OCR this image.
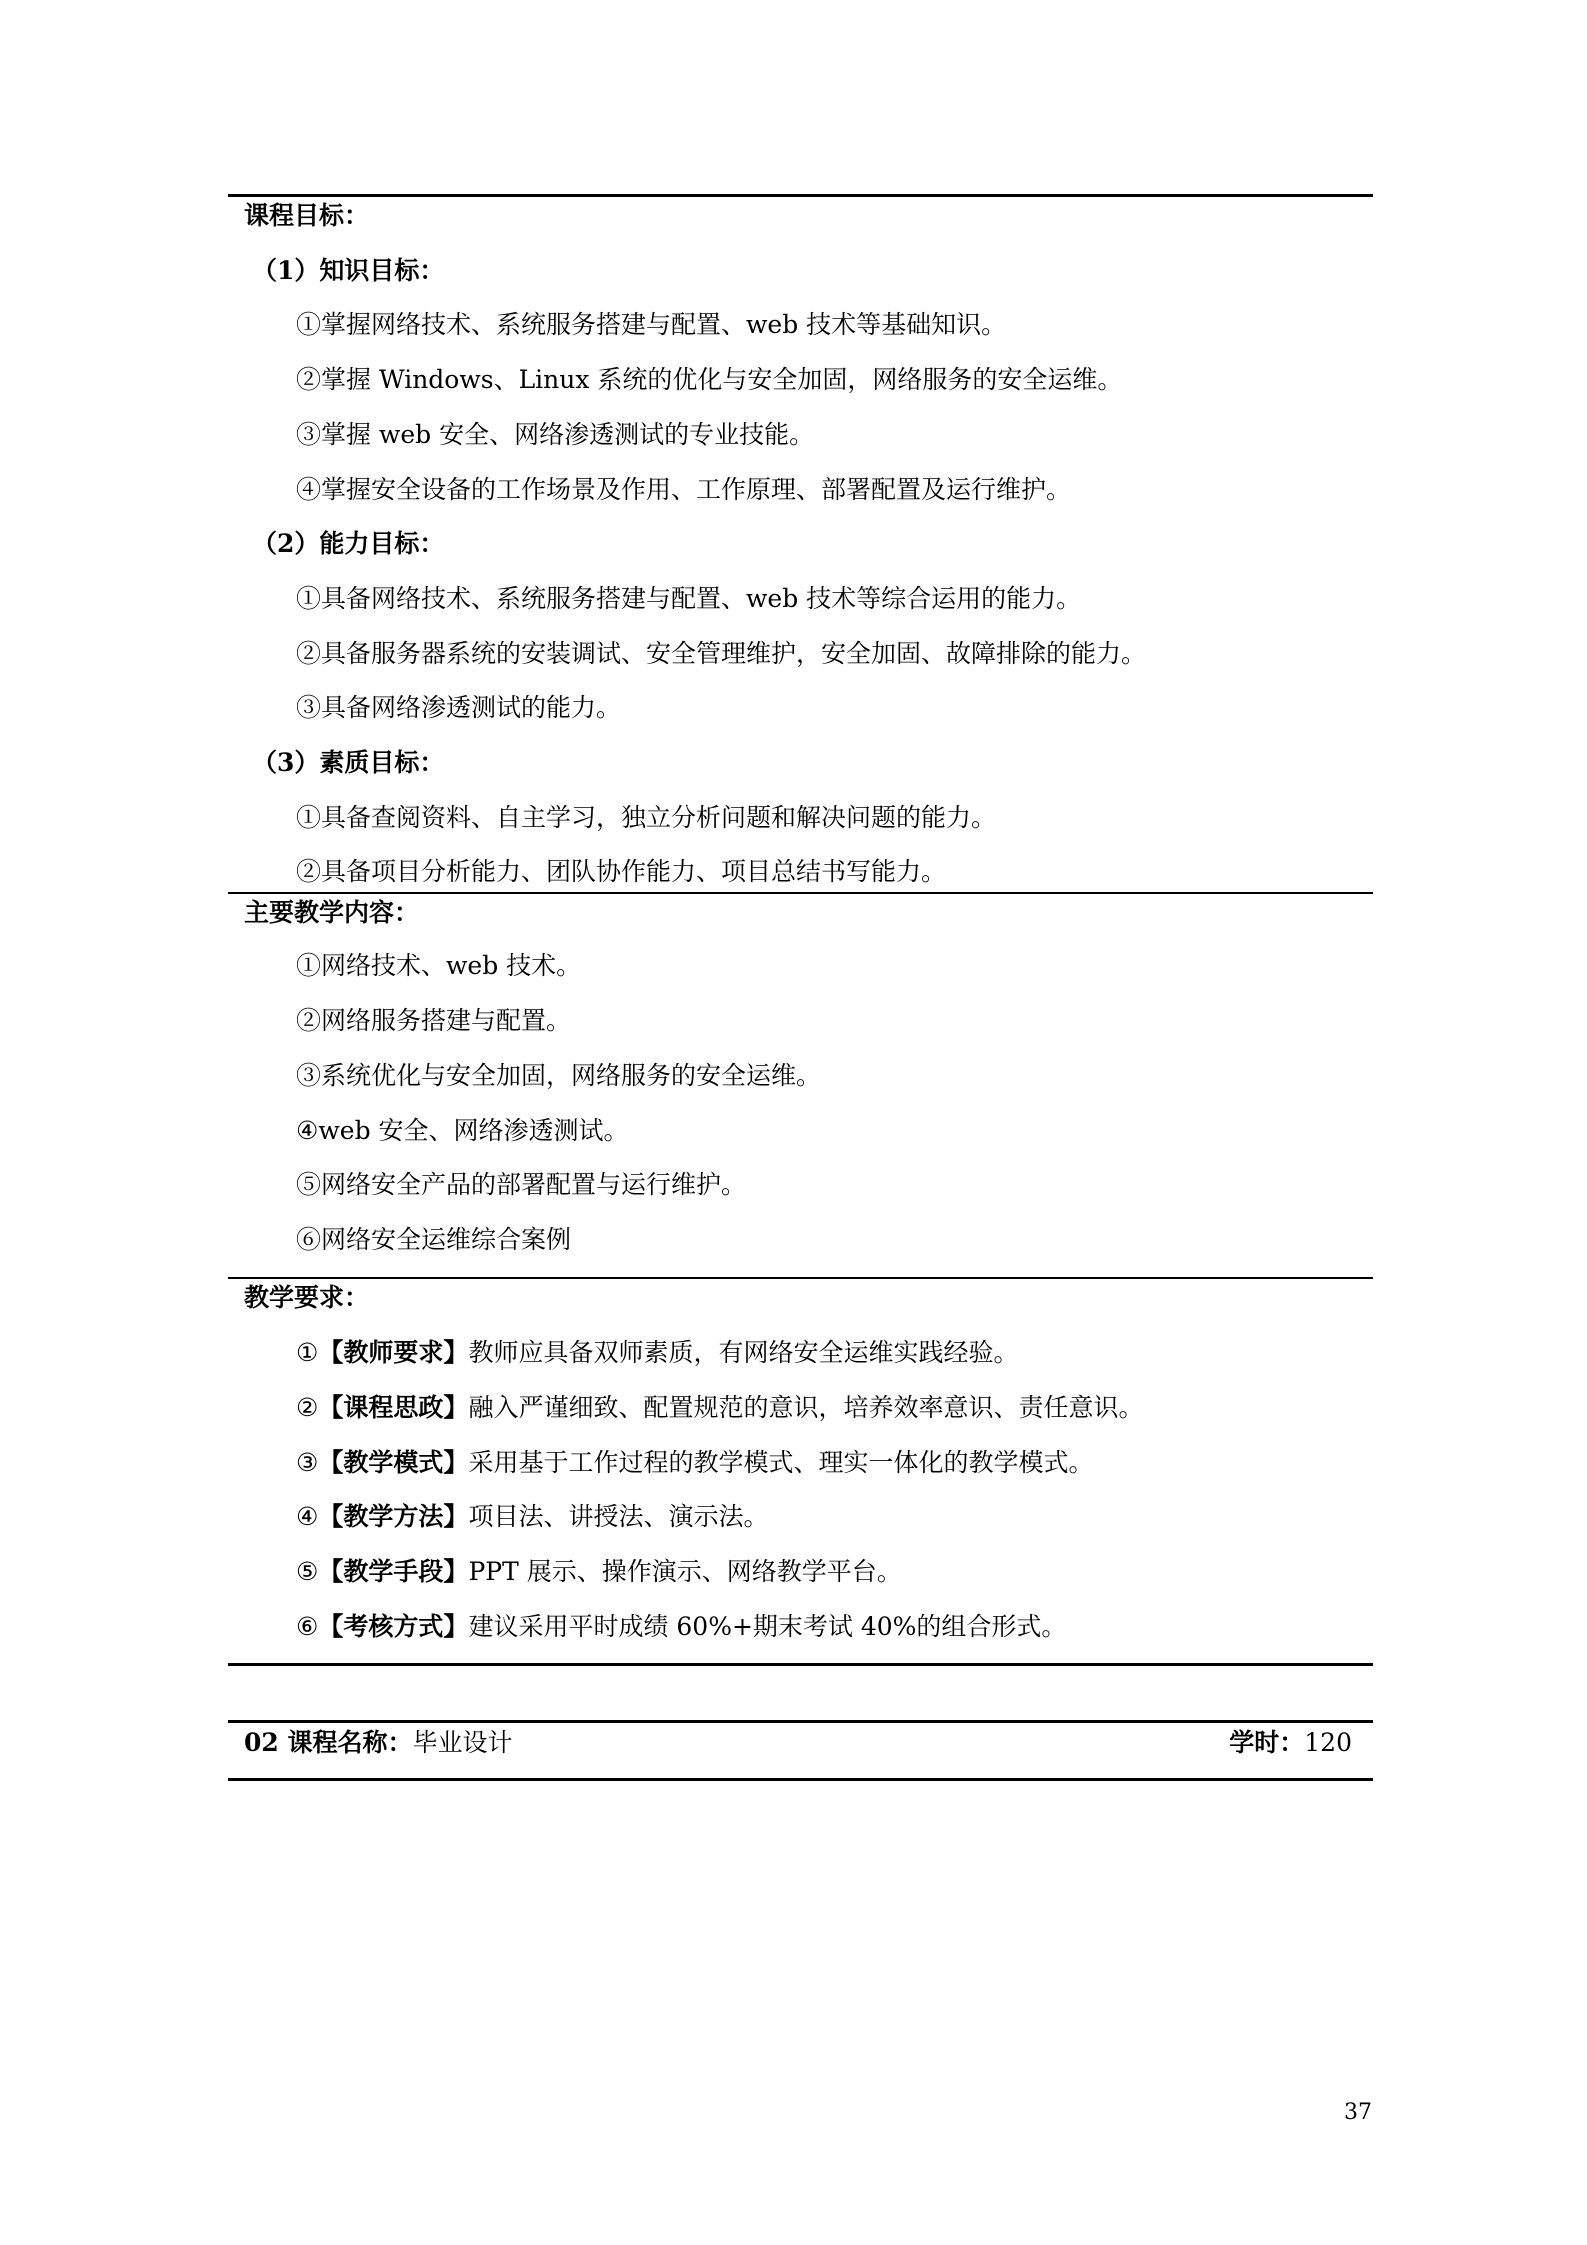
课程目标：
（1）知识目标：
①掌握网络技术、系统服务搭建与配置、web 技术等基础知识。
②掌握 Windows、Linux 系统的优化与安全加固，网络服务的安全运维。
③掌握 web 安全、网络渗透测试的专业技能。
④掌握安全设备的工作场景及作用、工作原理、部署配置及运行维护。
（2）能力目标：
①具备网络技术、系统服务搭建与配置、web 技术等综合运用的能力。
②具备服务器系统的安装调试、安全管理维护，安全加固、故障排除的能力。
③具备网络渗透测试的能力。
（3）素质目标：
①具备查阅资料、自主学习，独立分析问题和解决问题的能力。
②具备项目分析能力、团队协作能力、项目总结书写能力。
主要教学内容：
①网络技术、web 技术。
②网络服务搭建与配置。
③系统优化与安全加固，网络服务的安全运维。
④web 安全、网络渗透测试。
⑤网络安全产品的部署配置与运行维护。
⑥网络安全运维综合案例
教学要求：
①【教师要求】教师应具备双师素质，有网络安全运维实践经验。
②【课程思政】融入严谨细致、配置规范的意识，培养效率意识、责任意识。
③【教学模式】采用基于工作过程的教学模式、理实一体化的教学模式。
④【教学方法】项目法、讲授法、演示法。
⑤【教学手段】PPT 展示、操作演示、网络教学平台。
⑥【考核方式】建议采用平时成绩 60%+期末考试 40%的组合形式。
02 课程名称：毕业设计	学时：120
37
